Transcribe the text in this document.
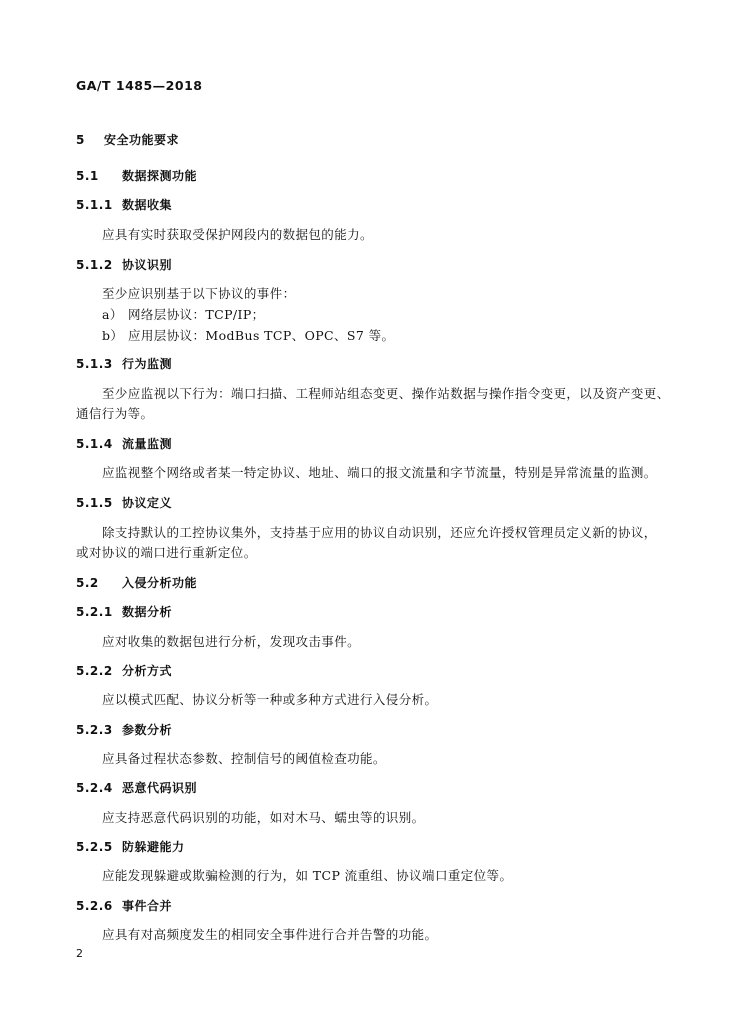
GA/T 1485—2018
5 安全功能要求
5.1 数据探测功能
5.1.1 数据收集
应具有实时获取受保护网段内的数据包的能力。
5.1.2 协议识别
至少应识别基于以下协议的事件：
a） 网络层协议：TCP/IP；
b） 应用层协议：ModBus TCP、OPC、S7 等。
5.1.3 行为监测
至少应监视以下行为：端口扫描、工程师站组态变更、操作站数据与操作指令变更，以及资产变更、
通信行为等。
5.1.4 流量监测
应监视整个网络或者某一特定协议、地址、端口的报文流量和字节流量，特别是异常流量的监测。
5.1.5 协议定义
除支持默认的工控协议集外，支持基于应用的协议自动识别，还应允许授权管理员定义新的协议，
或对协议的端口进行重新定位。
5.2 入侵分析功能
5.2.1 数据分析
应对收集的数据包进行分析，发现攻击事件。
5.2.2 分析方式
应以模式匹配、协议分析等一种或多种方式进行入侵分析。
5.2.3 参数分析
应具备过程状态参数、控制信号的阈值检查功能。
5.2.4 恶意代码识别
应支持恶意代码识别的功能，如对木马、蠕虫等的识别。
5.2.5 防躲避能力
应能发现躲避或欺骗检测的行为，如 TCP 流重组、协议端口重定位等。
5.2.6 事件合并
应具有对高频度发生的相同安全事件进行合并告警的功能。
2
